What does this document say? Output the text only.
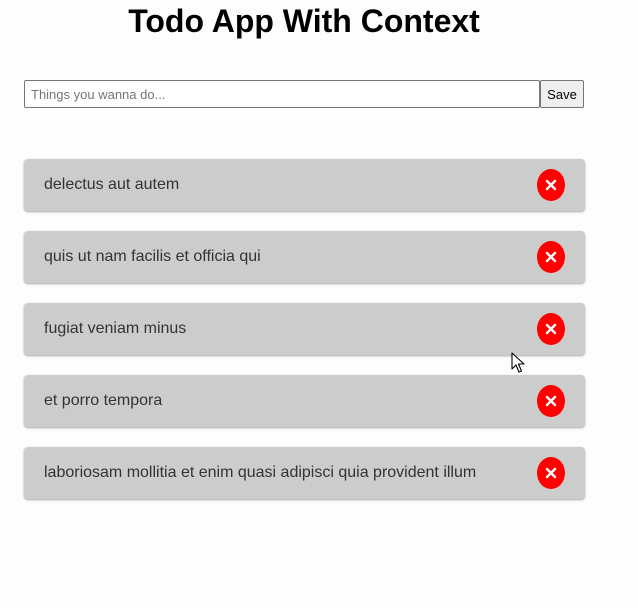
Todo App With Context
Things you wanna do...
Save
delectus aut autem
quis ut nam facilis et officia qui
fugiat veniam minus
et porro tempora
laboriosam mollitia et enim quasi adipisci quia provident illum
